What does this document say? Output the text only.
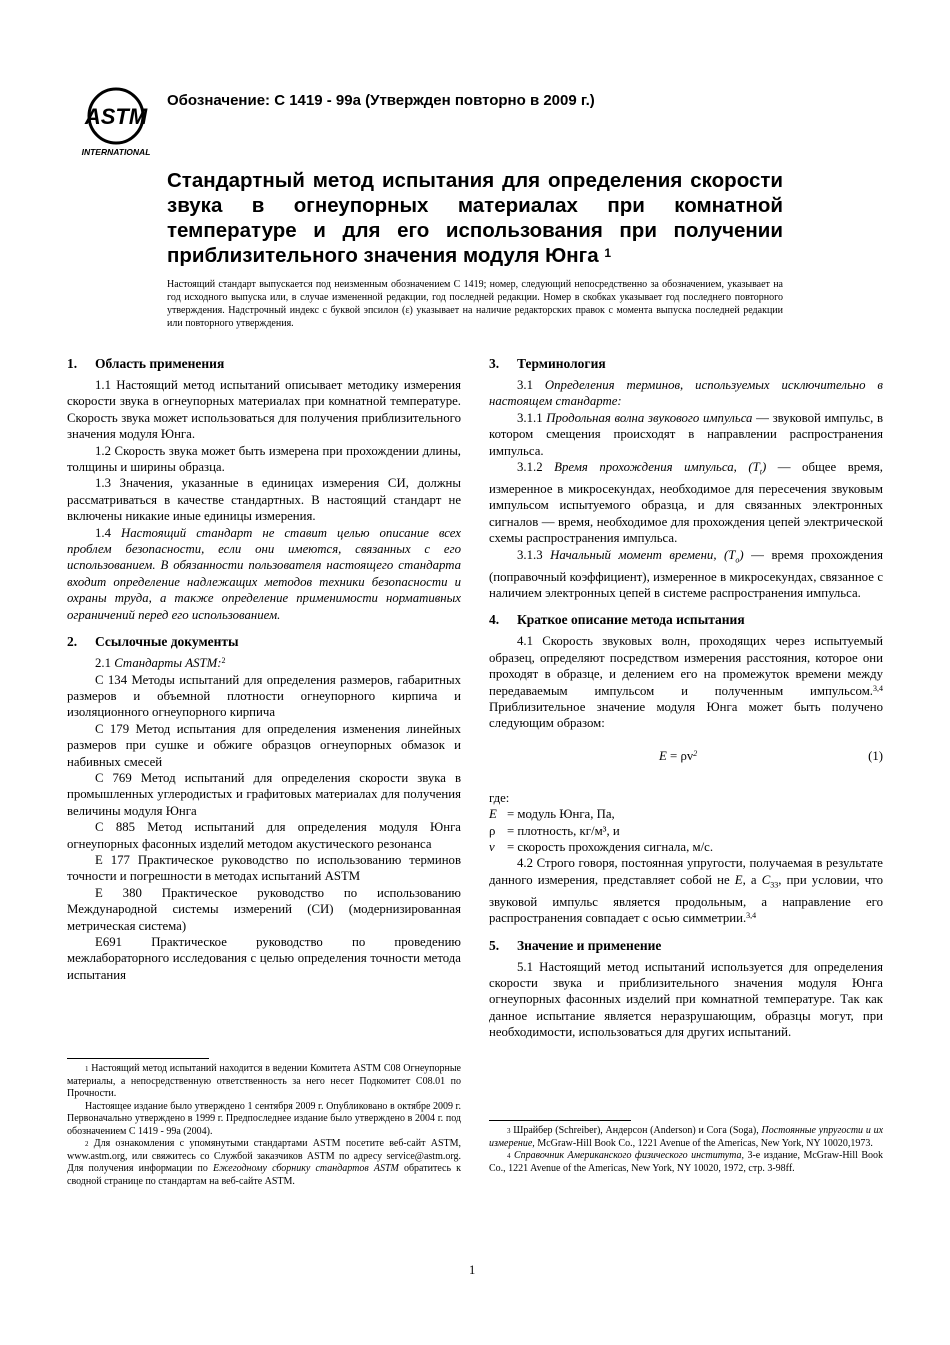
ASTM
INTERNATIONAL
Обозначение: C 1419 - 99a (Утвержден повторно в 2009 г.)
Стандартный метод испытания для определения скорости звука в огнеупорных материалах при комнатной температуре и для его использования при получении приблизительного значения модуля Юнга $^1$
Настоящий стандарт выпускается под неизменным обозначением C 1419; номер, следующий непосредственно за обозначением, указывает на год исходного выпуска или, в случае измененной редакции, год последней редакции. Номер в скобках указывает год последнего повторного утверждения. Надстрочный индекс с буквой эпсилон (ε) указывает на наличие редакторских правок с момента выпуска последней редакции или повторного утверждения.
1. Область применения

1.1 Настоящий метод испытаний описывает методику измерения скорости звука в огнеупорных материалах при комнатной температуре. Скорость звука может использоваться для получения приблизительного значения модуля Юнга.

1.2 Скорость звука может быть измерена при прохождении длины, толщины и ширины образца.

1.3 Значения, указанные в единицах измерения СИ, должны рассматриваться в качестве стандартных. В настоящий стандарт не включены никакие иные единицы измерения.

1.4 Настоящий стандарт не ставит целью описание всех проблем безопасности, если они имеются, связанных с его использованием. В обязанности пользователя настоящего стандарта входит определение надлежащих методов техники безопасности и охраны труда, а также определение применимости нормативных ограничений перед его использованием.

2. Ссылочные документы

2.1 Стандарты ASTM:$^2$

C 134 Методы испытаний для определения размеров, габаритных размеров и объемной плотности огнеупорного кирпича и изоляционного огнеупорного кирпича

C 179 Метод испытания для определения изменения линейных размеров при сушке и обжиге образцов огнеупорных обмазок и набивных смесей

C 769 Метод испытаний для определения скорости звука в промышленных углеродистых и графитовых материалах для получения величины модуля Юнга

C 885 Метод испытаний для определения модуля Юнга огнеупорных фасонных изделий методом акустического резонанса

E 177 Практическое руководство по использованию терминов точности и погрешности в методах испытаний ASTM

E 380 Практическое руководство по использованию Международной системы измерений (СИ) (модернизированная метрическая система)

E691 Практическое руководство по проведению межлабораторного исследования с целью определения точности метода испытания

3. Терминология

3.1 Определения терминов, используемых исключительно в настоящем стандарте:

3.1.1 Продольная волна звукового импульса — звуковой импульс, в котором смещения происходят в направлении распространения импульса.

3.1.2 Время прохождения импульса, $(T_t)$ — общее время, измеренное в микросекундах, необходимое для пересечения звуковым импульсом испытуемого образца, и для связанных электронных сигналов — время, необходимое для прохождения цепей электрической схемы распространения импульса.

3.1.3 Начальный момент времени, $(T_o)$ — время прохождения (поправочный коэффициент), измеренное в микросекундах, связанное с наличием электронных цепей в системе распространения импульса.

4. Краткое описание метода испытания

4.1 Скорость звуковых волн, проходящих через испытуемый образец, определяют посредством измерения расстояния, которое они проходят в образце, и делением его на промежуток времени между передаваемым импульсом и полученным импульсом.$^{3,4}$ Приблизительное значение модуля Юнга может быть получено следующим образом:

$E = \rho v^2$	(1)
где:
E = модуль Юнга, Па,
ρ = плотность, кг/м³, и
v = скорость прохождения сигнала, м/с.

4.2 Строго говоря, постоянная упругости, получаемая в результате данного измерения, представляет собой не E, а $C_{33}$, при условии, что звуковой импульс является продольным, а направление его распространения совпадает с осью симметрии.$^{3,4}$

5. Значение и применение

5.1 Настоящий метод испытаний используется для определения скорости звука и приблизительного значения модуля Юнга огнеупорных фасонных изделий при комнатной температуре. Так как данное испытание является неразрушающим, образцы могут, при необходимости, использоваться для других испытаний.

$^1$ Настоящий метод испытаний находится в ведении Комитета ASTM C08 Огнеупорные материалы, а непосредственную ответственность за него несет Подкомитет C08.01 по Прочности.

Настоящее издание было утверждено 1 сентября 2009 г. Опубликовано в октябре 2009 г. Первоначально утверждено в 1999 г. Предпоследнее издание было утверждено в 2004 г. под обозначением C 1419 - 99a (2004).

$^2$ Для ознакомления с упомянутыми стандартами ASTM посетите веб-сайт ASTM, www.astm.org, или свяжитесь со Службой заказчиков ASTM по адресу service@astm.org. Для получения информации по Ежегодному сборнику стандартов ASTM обратитесь к сводной странице по стандартам на веб-сайте ASTM.

$^3$ Шрайбер (Schreiber), Андерсон (Anderson) и Сога (Soga), Постоянные упругости и их измерение, McGraw-Hill Book Co., 1221 Avenue of the Americas, New York, NY 10020,1973.

$^4$ Справочник Американского физического института, 3-е издание, McGraw-Hill Book Co., 1221 Avenue of the Americas, New York, NY 10020, 1972, стр. 3-98ff.

1
